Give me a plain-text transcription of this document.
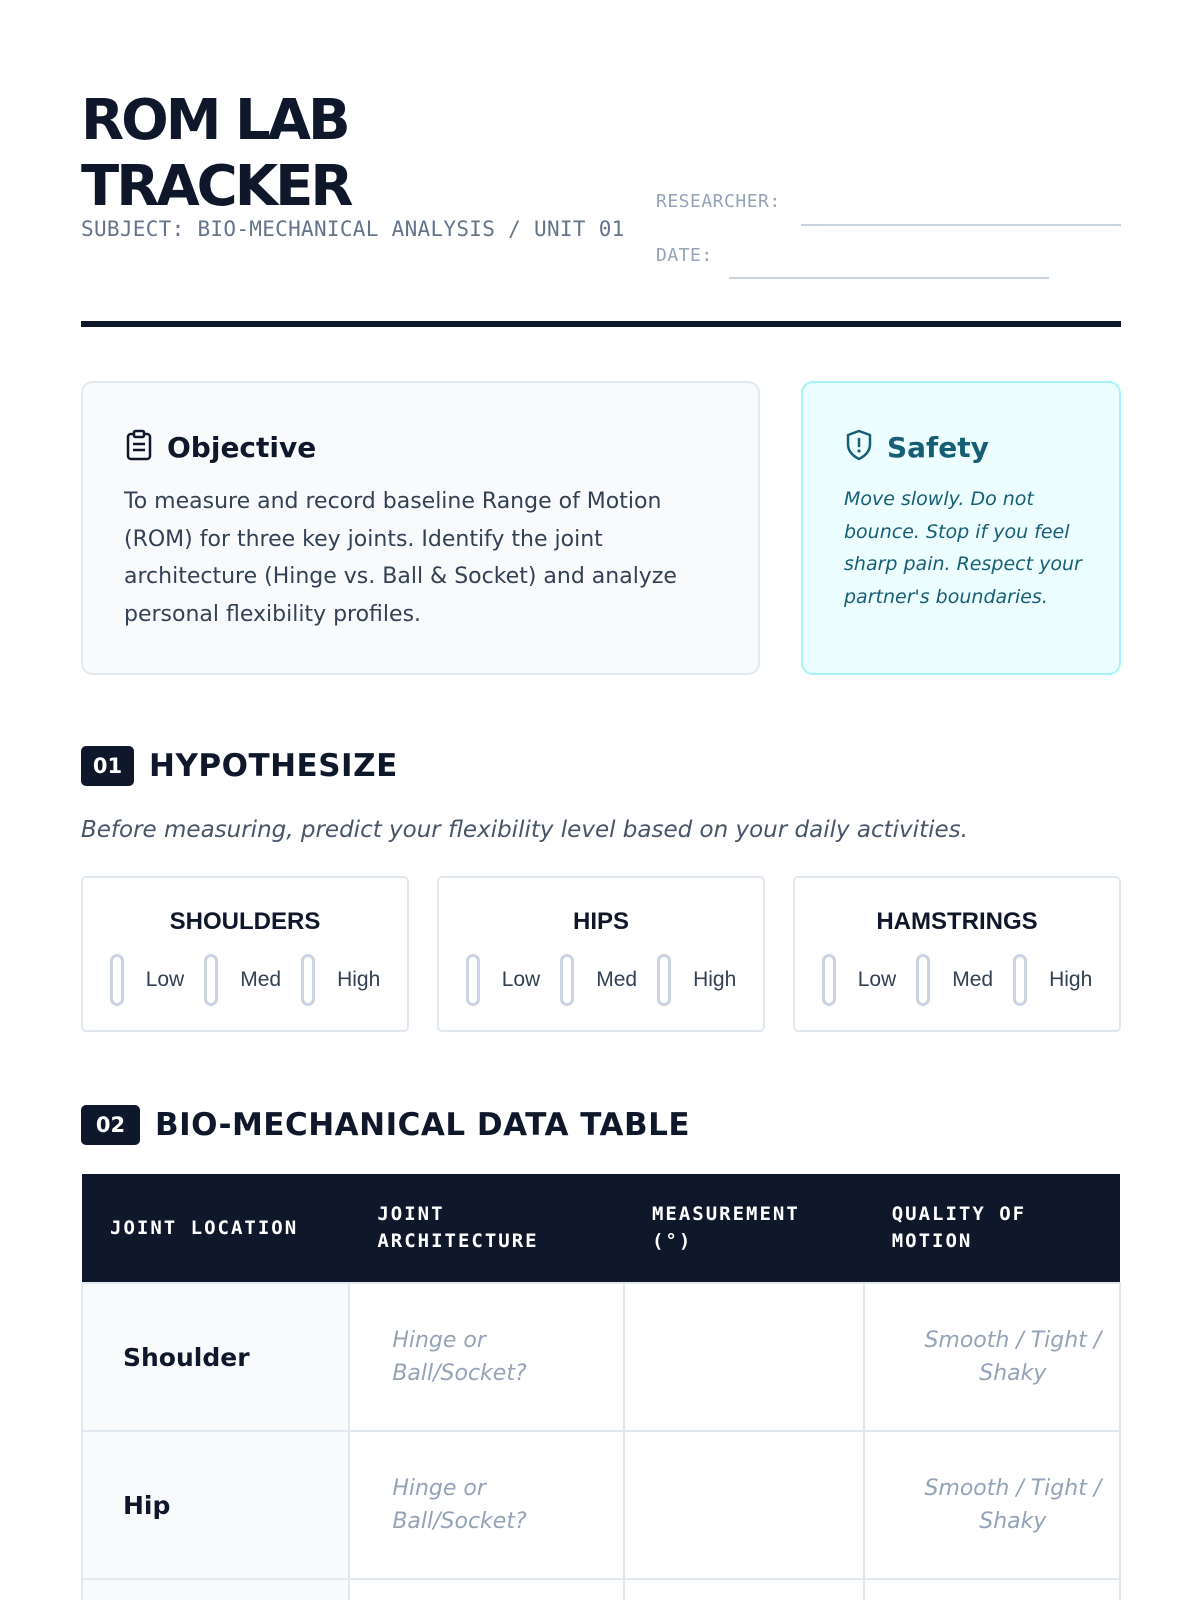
ROM LAB
TRACKER
SUBJECT: BIO-MECHANICAL ANALYSIS / UNIT 01
RESEARCHER:
DATE:
Objective
To measure and record baseline Range of Motion (ROM) for three key joints. Identify the joint architecture (Hinge vs. Ball & Socket) and analyze personal flexibility profiles.
Safety
Move slowly. Do not bounce. Stop if you feel sharp pain. Respect your partner's boundaries.
01 HYPOTHESIZE
Before measuring, predict your flexibility level based on your daily activities.
SHOULDERS
Low	Med	High
HIPS
Low	Med	High
HAMSTRINGS
Low	Med	High
02 BIO-MECHANICAL DATA TABLE
JOINT LOCATION	JOINT ARCHITECTURE	MEASUREMENT (°)	QUALITY OF MOTION
Shoulder	Hinge or Ball/Socket?		Smooth / Tight / Shaky
Hip	Hinge or Ball/Socket?		Smooth / Tight / Shaky
